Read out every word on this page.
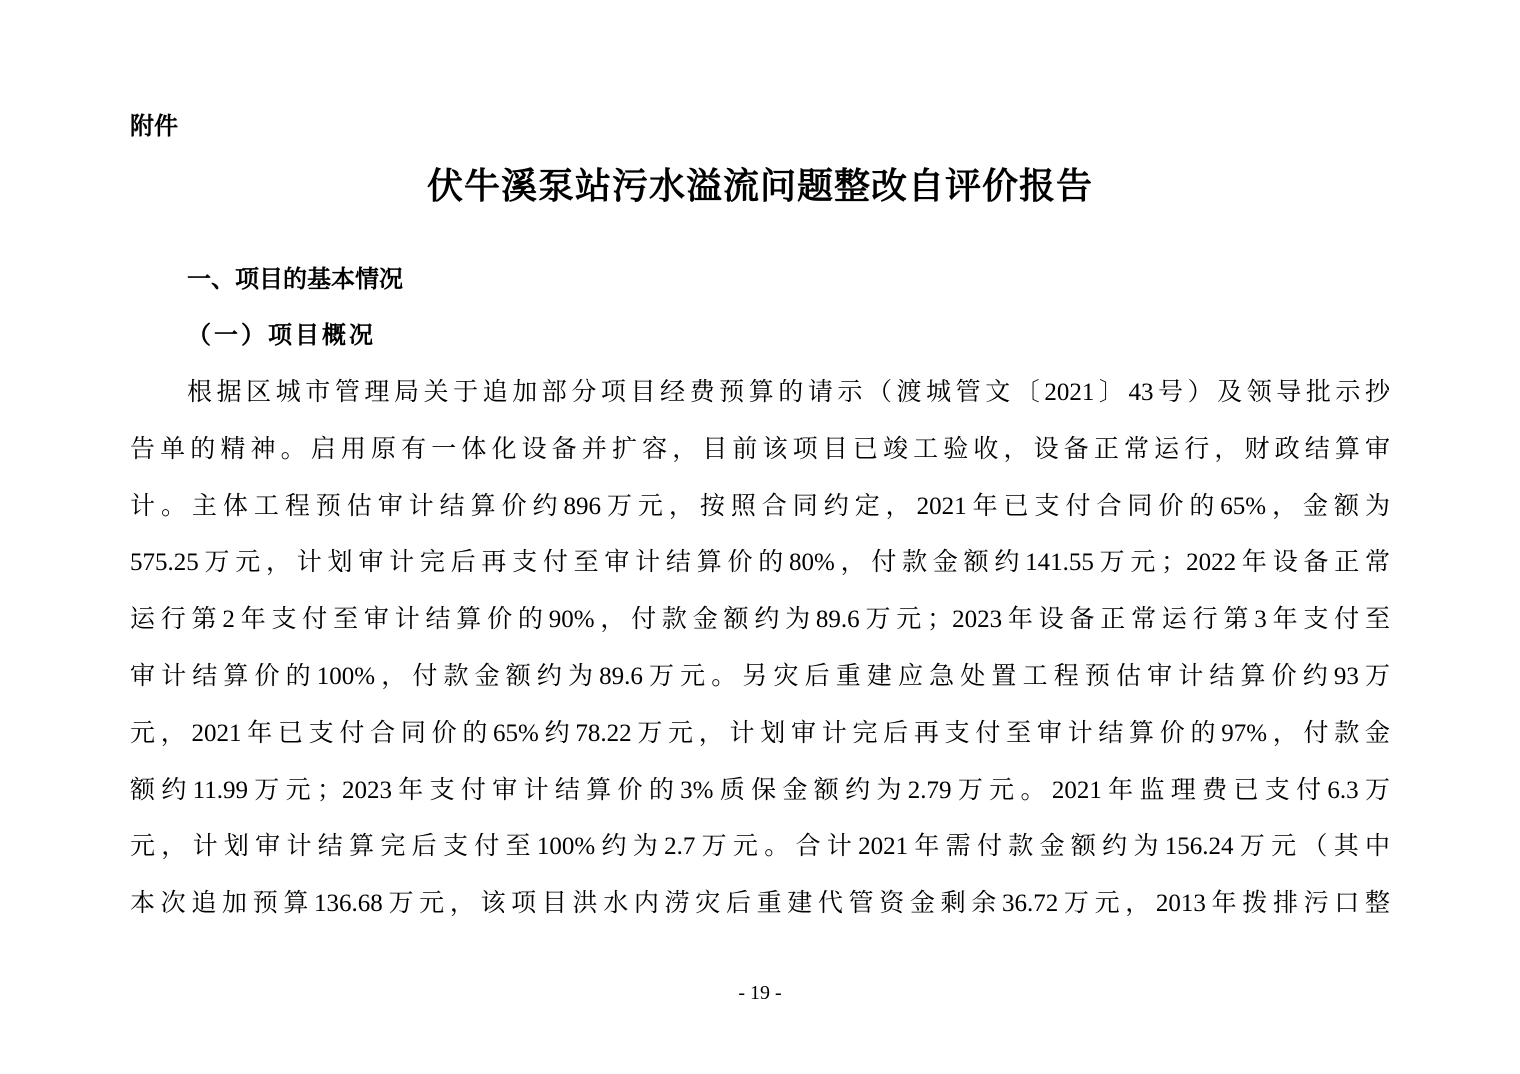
附件
伏牛溪泵站污水溢流问题整改自评价报告
一、项目的基本情况
（一）项目概况
根据区城市管理局关于追加部分项目经费预算的请示（渡城管文〔2021〕43号）及领导批示抄
告单的精神。启用原有一体化设备并扩容，目前该项目已竣工验收，设备正常运行，财政结算审
计。主体工程预估审计结算价约896万元，按照合同约定，2021年已支付合同价的65%，金额为
575.25万元，计划审计完后再支付至审计结算价的80%，付款金额约141.55万元；2022年设备正常
运行第2年支付至审计结算价的90%，付款金额约为89.6万元；2023年设备正常运行第3年支付至
审计结算价的100%，付款金额约为89.6万元。另灾后重建应急处置工程预估审计结算价约93万
元，2021年已支付合同价的65%约78.22万元，计划审计完后再支付至审计结算价的97%，付款金
额约11.99万元；2023年支付审计结算价的3%质保金额约为2.79万元。2021年监理费已支付6.3万
元，计划审计结算完后支付至100%约为2.7万元。合计2021年需付款金额约为156.24万元（其中
本次追加预算136.68万元，该项目洪水内涝灾后重建代管资金剩余36.72万元，2013年拨排污口整
- 19 -
